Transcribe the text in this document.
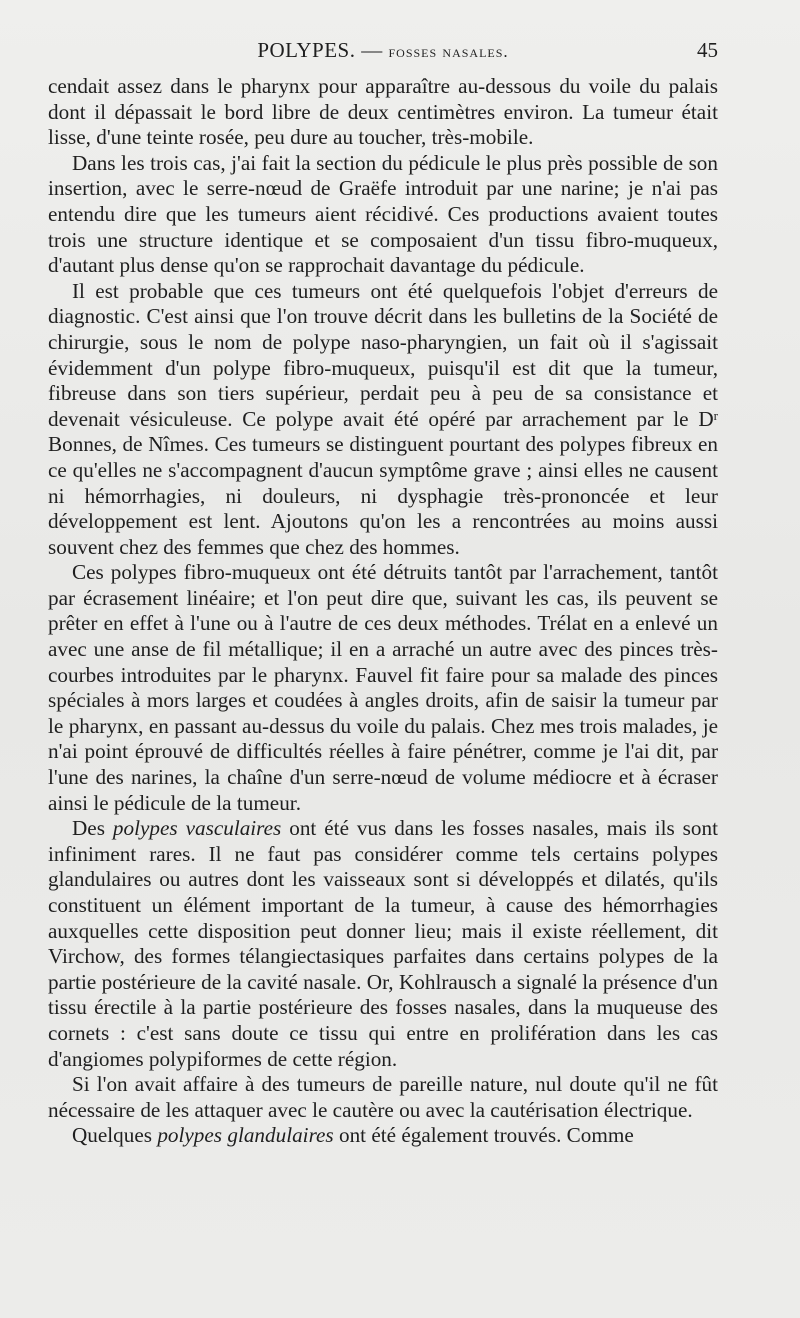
POLYPES. — fosses nasales.	45

cendait assez dans le pharynx pour apparaître au-dessous du voile du palais dont il dépassait le bord libre de deux centimètres environ. La tumeur était lisse, d'une teinte rosée, peu dure au toucher, très-mobile.

Dans les trois cas, j'ai fait la section du pédicule le plus près possible de son insertion, avec le serre-nœud de Graëfe introduit par une narine; je n'ai pas entendu dire que les tumeurs aient récidivé. Ces productions avaient toutes trois une structure identique et se composaient d'un tissu fibro-muqueux, d'autant plus dense qu'on se rapprochait davantage du pédicule.

Il est probable que ces tumeurs ont été quelquefois l'objet d'erreurs de diagnostic. C'est ainsi que l'on trouve décrit dans les bulletins de la Société de chirurgie, sous le nom de polype naso-pharyngien, un fait où il s'agissait évidemment d'un polype fibro-muqueux, puisqu'il est dit que la tumeur, fibreuse dans son tiers supérieur, perdait peu à peu de sa consistance et devenait vésiculeuse. Ce polype avait été opéré par arrachement par le $D^r$ Bonnes, de Nîmes. Ces tumeurs se distinguent pourtant des polypes fibreux en ce qu'elles ne s'accompagnent d'aucun symptôme grave ; ainsi elles ne causent ni hémorrhagies, ni douleurs, ni dysphagie très-prononcée et leur développement est lent. Ajoutons qu'on les a rencontrées au moins aussi souvent chez des femmes que chez des hommes.

Ces polypes fibro-muqueux ont été détruits tantôt par l'arrachement, tantôt par écrasement linéaire; et l'on peut dire que, suivant les cas, ils peuvent se prêter en effet à l'une ou à l'autre de ces deux méthodes. Trélat en a enlevé un avec une anse de fil métallique; il en a arraché un autre avec des pinces très-courbes introduites par le pharynx. Fauvel fit faire pour sa malade des pinces spéciales à mors larges et coudées à angles droits, afin de saisir la tumeur par le pharynx, en passant au-dessus du voile du palais. Chez mes trois malades, je n'ai point éprouvé de difficultés réelles à faire pénétrer, comme je l'ai dit, par l'une des narines, la chaîne d'un serre-nœud de volume médiocre et à écraser ainsi le pédicule de la tumeur.

Des polypes vasculaires ont été vus dans les fosses nasales, mais ils sont infiniment rares. Il ne faut pas considérer comme tels certains polypes glandulaires ou autres dont les vaisseaux sont si développés et dilatés, qu'ils constituent un élément important de la tumeur, à cause des hémorrhagies auxquelles cette disposition peut donner lieu; mais il existe réellement, dit Virchow, des formes télangiectasiques parfaites dans certains polypes de la partie postérieure de la cavité nasale. Or, Kohlrausch a signalé la présence d'un tissu érectile à la partie postérieure des fosses nasales, dans la muqueuse des cornets : c'est sans doute ce tissu qui entre en prolifération dans les cas d'angiomes polypiformes de cette région.

Si l'on avait affaire à des tumeurs de pareille nature, nul doute qu'il ne fût nécessaire de les attaquer avec le cautère ou avec la cautérisation électrique.

Quelques polypes glandulaires ont été également trouvés. Comme
